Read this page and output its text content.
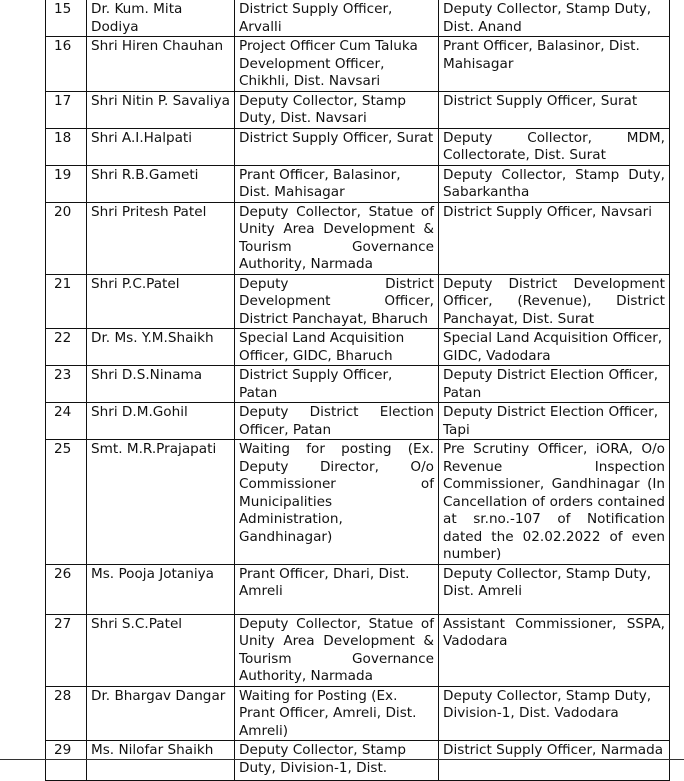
15	Dr. Kum. Mita Dodiya	District Supply Officer, Arvalli	Deputy Collector, Stamp Duty, Dist. Anand
16	Shri Hiren Chauhan	Project Officer Cum Taluka Development Officer, Chikhli, Dist. Navsari	Prant Officer, Balasinor, Dist. Mahisagar
17	Shri Nitin P. Savaliya	Deputy Collector, Stamp Duty, Dist. Navsari	District Supply Officer, Surat
18	Shri A.I.Halpati	District Supply Officer, Surat	Deputy Collector, MDM, Collectorate, Dist. Surat
19	Shri R.B.Gameti	Prant Officer, Balasinor, Dist. Mahisagar	Deputy Collector, Stamp Duty, Sabarkantha
20	Shri Pritesh Patel	Deputy Collector, Statue of Unity Area Development & Tourism Governance Authority, Narmada	District Supply Officer, Navsari
21	Shri P.C.Patel	Deputy District Development Officer, District Panchayat, Bharuch	Deputy District Development Officer, (Revenue), District Panchayat, Dist. Surat
22	Dr. Ms. Y.M.Shaikh	Special Land Acquisition Officer, GIDC, Bharuch	Special Land Acquisition Officer, GIDC, Vadodara
23	Shri D.S.Ninama	District Supply Officer, Patan	Deputy District Election Officer, Patan
24	Shri D.M.Gohil	Deputy District Election Officer, Patan	Deputy District Election Officer, Tapi
25	Smt. M.R.Prajapati	Waiting for posting (Ex. Deputy Director, O/o Commissioner of Municipalities Administration, Gandhinagar)	Pre Scrutiny Officer, iORA, O/o Revenue Inspection Commissioner, Gandhinagar (In Cancellation of orders contained at sr.no.-107 of Notification dated the 02.02.2022 of even number)
26	Ms. Pooja Jotaniya	Prant Officer, Dhari, Dist. Amreli	Deputy Collector, Stamp Duty, Dist. Amreli
27	Shri S.C.Patel	Deputy Collector, Statue of Unity Area Development & Tourism Governance Authority, Narmada	Assistant Commissioner, SSPA, Vadodara
28	Dr. Bhargav Dangar	Waiting for Posting (Ex. Prant Officer, Amreli, Dist. Amreli)	Deputy Collector, Stamp Duty, Division-1, Dist. Vadodara
29	Ms. Nilofar Shaikh	Deputy Collector, Stamp Duty, Division-1, Dist.	District Supply Officer, Narmada
